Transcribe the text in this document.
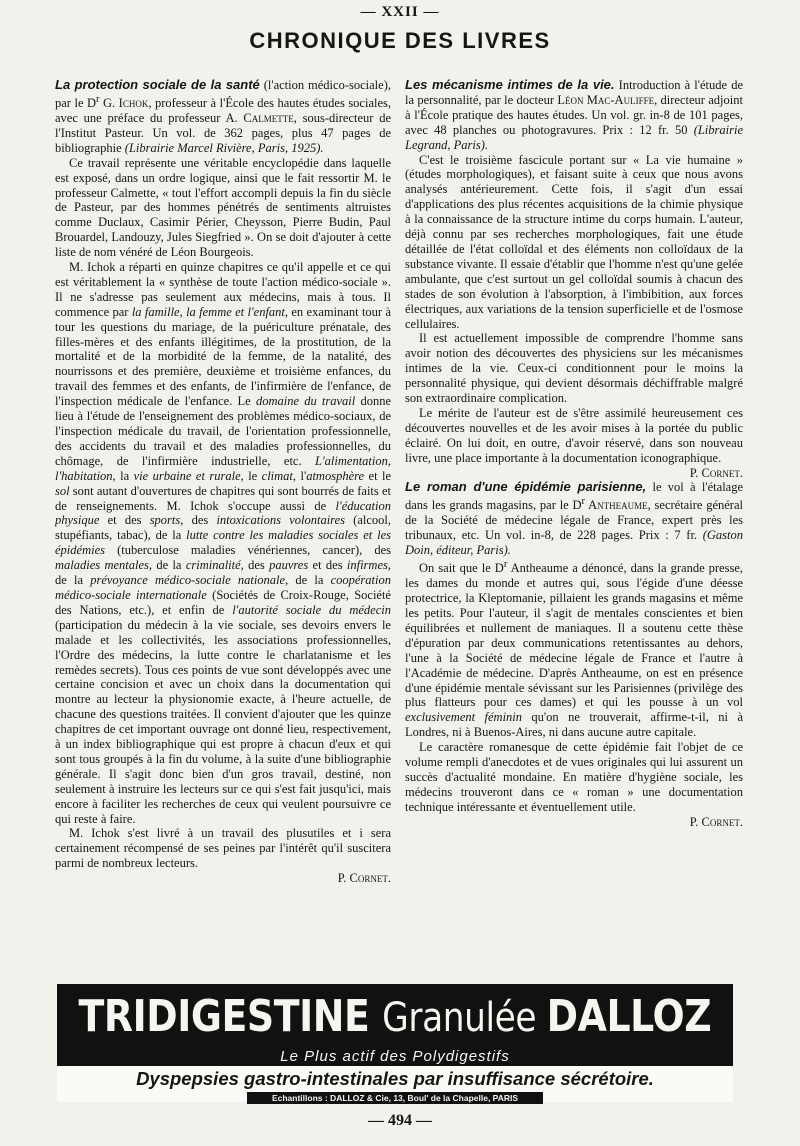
— XXII —
CHRONIQUE DES LIVRES

La protection sociale de la santé (l'action médico-sociale), par le $D^r$ G. Ichok, professeur à l'École des hautes études sociales, avec une préface du professeur A. Calmette, sous-directeur de l'Institut Pasteur. Un vol. de 362 pages, plus 47 pages de bibliographie (Librairie Marcel Rivière, Paris, 1925).

Ce travail représente une véritable encyclopédie dans laquelle est exposé, dans un ordre logique, ainsi que le fait ressortir M. le professeur Calmette, « tout l'effort accompli depuis la fin du siècle de Pasteur, par des hommes pénétrés de sentiments altruistes comme Duclaux, Casimir Périer, Cheysson, Pierre Budin, Paul Brouardel, Landouzy, Jules Siegfried ». On se doit d'ajouter à cette liste de nom vénéré de Léon Bourgeois.

M. Ichok a réparti en quinze chapitres ce qu'il appelle et ce qui est véritablement la « synthèse de toute l'action médico-sociale ». Il ne s'adresse pas seulement aux médecins, mais à tous. Il commence par la famille, la femme et l'enfant, en examinant tour à tour les questions du mariage, de la puériculture prénatale, des filles-mères et des enfants illégitimes, de la prostitution, de la mortalité et de la morbidité de la femme, de la natalité, des nourrissons et des première, deuxième et troisième enfances, du travail des femmes et des enfants, de l'infirmière de l'enfance, de l'inspection médicale de l'enfance. Le domaine du travail donne lieu à l'étude de l'enseignement des problèmes médico-sociaux, de l'inspection médicale du travail, de l'orientation professionnelle, des accidents du travail et des maladies professionnelles, du chômage, de l'infirmière industrielle, etc. L'alimentation, l'habitation, la vie urbaine et rurale, le climat, l'atmosphère et le sol sont autant d'ouvertures de chapitres qui sont bourrés de faits et de renseignements. M. Ichok s'occupe aussi de l'éducation physique et des sports, des intoxications volontaires (alcool, stupéfiants, tabac), de la lutte contre les maladies sociales et les épidémies (tuberculose maladies vénériennes, cancer), des maladies mentales, de la criminalité, des pauvres et des infirmes, de la prévoyance médico-sociale nationale, de la coopération médico-sociale internationale (Sociétés de Croix-Rouge, Société des Nations, etc.), et enfin de l'autorité sociale du médecin (participation du médecin à la vie sociale, ses devoirs envers le malade et les collectivités, les associations professionnelles, l'Ordre des médecins, la lutte contre le charlatanisme et les remèdes secrets). Tous ces points de vue sont développés avec une certaine concision et avec un choix dans la documentation qui montre au lecteur la physionomie exacte, à l'heure actuelle, de chacune des questions traitées. Il convient d'ajouter que les quinze chapitres de cet important ouvrage ont donné lieu, respectivement, à un index bibliographique qui est propre à chacun d'eux et qui sont tous groupés à la fin du volume, à la suite d'une bibliographie générale. Il s'agit donc bien d'un gros travail, destiné, non seulement à instruire les lecteurs sur ce qui s'est fait jusqu'ici, mais encore à faciliter les recherches de ceux qui veulent poursuivre ce qui reste à faire.

M. Ichok s'est livré à un travail des plusutiles et i sera certainement récompensé de ses peines par l'intérêt qu'il suscitera parmi de nombreux lecteurs.

P. Cornet.

Les mécanisme intimes de la vie. Introduction à l'étude de la personnalité, par le docteur Léon Mac-Auliffe, directeur adjoint à l'École pratique des hautes études. Un vol. gr. in-8 de 101 pages, avec 48 planches ou photogravures. Prix : 12 fr. 50 (Librairie Legrand, Paris).

C'est le troisième fascicule portant sur « La vie humaine » (études morphologiques), et faisant suite à ceux que nous avons analysés antérieurement. Cette fois, il s'agit d'un essai d'applications des plus récentes acquisitions de la chimie physique à la connaissance de la structure intime du corps humain. L'auteur, déjà connu par ses recherches morphologiques, fait une étude détaillée de l'état colloïdal et des éléments non colloïdaux de la substance vivante. Il essaie d'établir que l'homme n'est qu'une gelée ambulante, que c'est surtout un gel colloïdal soumis à chacun des stades de son évolution à l'absorption, à l'imbibition, aux forces électriques, aux variations de la tension superficielle et de l'osmose cellulaires.

Il est actuellement impossible de comprendre l'homme sans avoir notion des découvertes des physiciens sur les mécanismes intimes de la vie. Ceux-ci conditionnent pour le moins la personnalité physique, qui devient désormais déchiffrable malgré son extraordinaire complication.

Le mérite de l'auteur est de s'être assimilé heureusement ces découvertes nouvelles et de les avoir mises à la portée du public éclairé. On lui doit, en outre, d'avoir réservé, dans son nouveau livre, une place importante à la documentation iconographique.

P. Cornet.

Le roman d'une épidémie parisienne, le vol à l'étalage dans les grands magasins, par le $D^r$ Antheaume, secrétaire général de la Société de médecine légale de France, expert près les tribunaux, etc. Un vol. in-8, de 228 pages. Prix : 7 fr. (Gaston Doin, éditeur, Paris).

On sait que le $D^r$ Antheaume a dénoncé, dans la grande presse, les dames du monde et autres qui, sous l'égide d'une déesse protectrice, la Kleptomanie, pillaient les grands magasins et même les petits. Pour l'auteur, il s'agit de mentales conscientes et bien équilibrées et nullement de maniaques. Il a soutenu cette thèse d'épuration par deux communications retentissantes au dehors, l'une à la Société de médecine légale de France et l'autre à l'Académie de médecine. D'après Antheaume, on est en présence d'une épidémie mentale sévissant sur les Parisiennes (privilège des plus flatteurs pour ces dames) et qui les pousse à un vol exclusivement féminin qu'on ne trouverait, affirme-t-il, ni à Londres, ni à Buenos-Aires, ni dans aucune autre capitale.

Le caractère romanesque de cette épidémie fait l'objet de ce volume rempli d'anecdotes et de vues originales qui lui assurent un succès d'actualité mondaine. En matière d'hygiène sociale, les médecins trouveront dans ce « roman » une documentation technique intéressante et éventuellement utile.

P. Cornet.

TRIDIGESTINE Granulée DALLOZ
Le Plus actif des Polydigestifs
Dyspepsies gastro-intestinales par insuffisance sécrétoire.
Echantillons : DALLOZ & Cie, 13, Boul' de la Chapelle, PARIS
— 494 —
